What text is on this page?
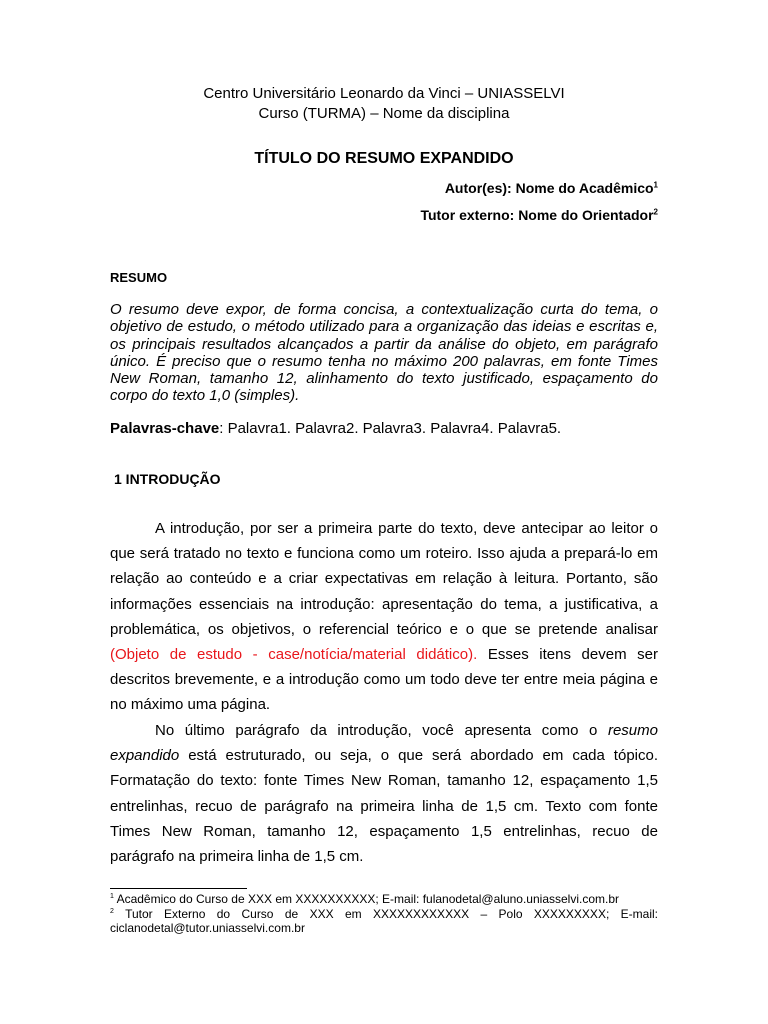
Centro Universitário Leonardo da Vinci – UNIASSELVI
Curso (TURMA) – Nome da disciplina
TÍTULO DO RESUMO EXPANDIDO
Autor(es): Nome do Acadêmico$^1$
Tutor externo: Nome do Orientador$^2$
RESUMO
O resumo deve expor, de forma concisa, a contextualização curta do tema, o objetivo de estudo, o método utilizado para a organização das ideias e escritas e, os principais resultados alcançados a partir da análise do objeto, em parágrafo único. É preciso que o resumo tenha no máximo 200 palavras, em fonte Times New Roman, tamanho 12, alinhamento do texto justificado, espaçamento do corpo do texto 1,0 (simples).
Palavras-chave: Palavra1. Palavra2. Palavra3. Palavra4. Palavra5.
1 INTRODUÇÃO

A introdução, por ser a primeira parte do texto, deve antecipar ao leitor o que será tratado no texto e funciona como um roteiro. Isso ajuda a prepará-lo em relação ao conteúdo e a criar expectativas em relação à leitura. Portanto, são informações essenciais na introdução: apresentação do tema, a justificativa, a problemática, os objetivos, o referencial teórico e o que se pretende analisar (Objeto de estudo - case/notícia/material didático). Esses itens devem ser descritos brevemente, e a introdução como um todo deve ter entre meia página e no máximo uma página.

No último parágrafo da introdução, você apresenta como o resumo expandido está estruturado, ou seja, o que será abordado em cada tópico. Formatação do texto: fonte Times New Roman, tamanho 12, espaçamento 1,5 entrelinhas, recuo de parágrafo na primeira linha de 1,5 cm. Texto com fonte Times New Roman, tamanho 12, espaçamento 1,5 entrelinhas, recuo de parágrafo na primeira linha de 1,5 cm.

$^1$ Acadêmico do Curso de XXX em XXXXXXXXXX; E-mail: fulanodetal@aluno.uniasselvi.com.br

$^2$ Tutor Externo do Curso de XXX em XXXXXXXXXXXX – Polo XXXXXXXXX; E-mail: ciclanodetal@tutor.uniasselvi.com.br
